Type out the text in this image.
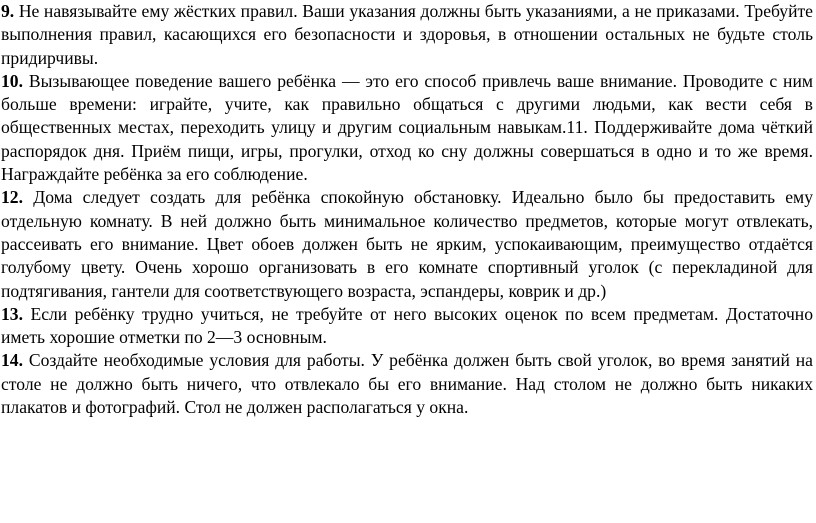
9. Не навязывайте ему жёстких правил. Ваши указания должны быть указаниями, а не приказами. Требуйте выполнения правил, касающихся его безопасности и здоровья, в отношении остальных не будьте столь придирчивы.

10. Вызывающее поведение вашего ребёнка — это его способ привлечь ваше внимание. Проводите с ним больше времени: играйте, учите, как правильно общаться с другими людьми, как вести себя в общественных местах, переходить улицу и другим социальным навыкам.11. Поддерживайте дома чёткий распорядок дня. Приём пищи, игры, прогулки, отход ко сну должны совершаться в одно и то же время. Награждайте ребёнка за его соблюдение.

12. Дома следует создать для ребёнка спокойную обстановку. Идеально было бы предоставить ему отдельную комнату. В ней должно быть минимальное количество предметов, которые могут отвлекать, рассеивать его внимание. Цвет обоев должен быть не ярким, успокаивающим, преимущество отдаётся голубому цвету. Очень хорошо организовать в его комнате спортивный уголок (с перекладиной для подтягивания, гантели для соответствующего возраста, эспандеры, коврик и др.)

13. Если ребёнку трудно учиться, не требуйте от него высоких оценок по всем предметам. Достаточно иметь хорошие отметки по 2—3 основным.

14. Создайте необходимые условия для работы. У ребёнка должен быть свой уголок, во время занятий на столе не должно быть ничего, что отвлекало бы его внимание. Над столом не должно быть никаких плакатов и фотографий. Стол не должен располагаться у окна.
